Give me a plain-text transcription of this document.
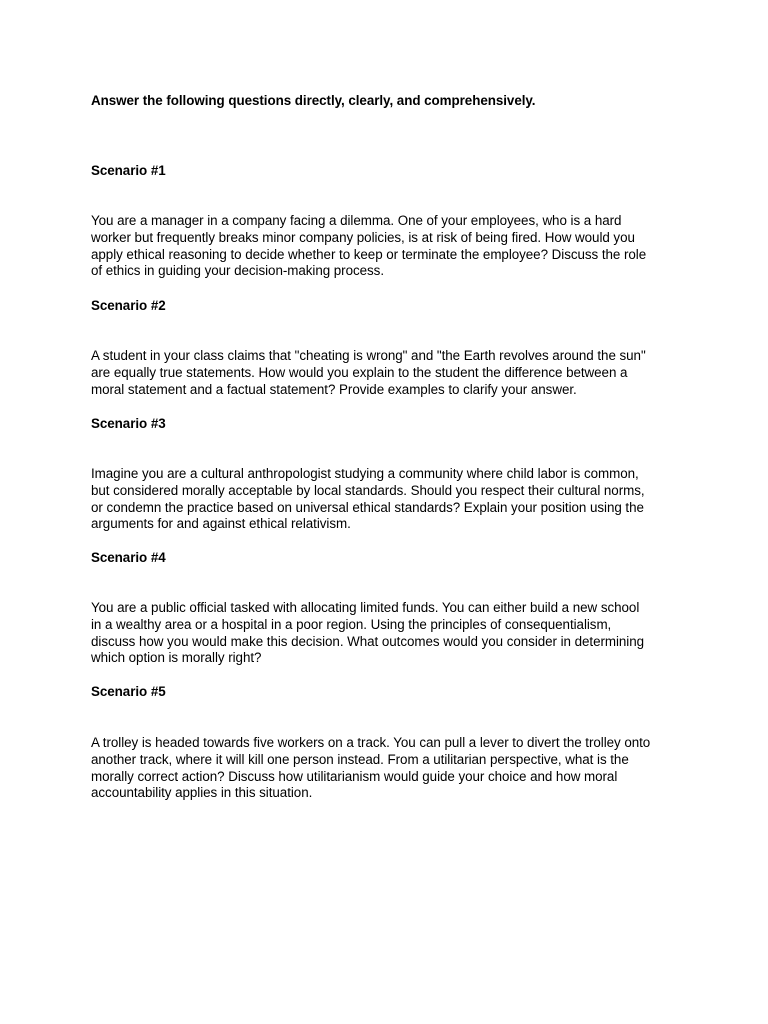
Answer the following questions directly, clearly, and comprehensively.
Scenario #1
You are a manager in a company facing a dilemma. One of your employees, who is a hard
worker but frequently breaks minor company policies, is at risk of being fired. How would you
apply ethical reasoning to decide whether to keep or terminate the employee? Discuss the role
of ethics in guiding your decision-making process.
Scenario #2
A student in your class claims that "cheating is wrong" and "the Earth revolves around the sun"
are equally true statements. How would you explain to the student the difference between a
moral statement and a factual statement? Provide examples to clarify your answer.
Scenario #3
Imagine you are a cultural anthropologist studying a community where child labor is common,
but considered morally acceptable by local standards. Should you respect their cultural norms,
or condemn the practice based on universal ethical standards? Explain your position using the
arguments for and against ethical relativism.
Scenario #4
You are a public official tasked with allocating limited funds. You can either build a new school
in a wealthy area or a hospital in a poor region. Using the principles of consequentialism,
discuss how you would make this decision. What outcomes would you consider in determining
which option is morally right?
Scenario #5
A trolley is headed towards five workers on a track. You can pull a lever to divert the trolley onto
another track, where it will kill one person instead. From a utilitarian perspective, what is the
morally correct action? Discuss how utilitarianism would guide your choice and how moral
accountability applies in this situation.
